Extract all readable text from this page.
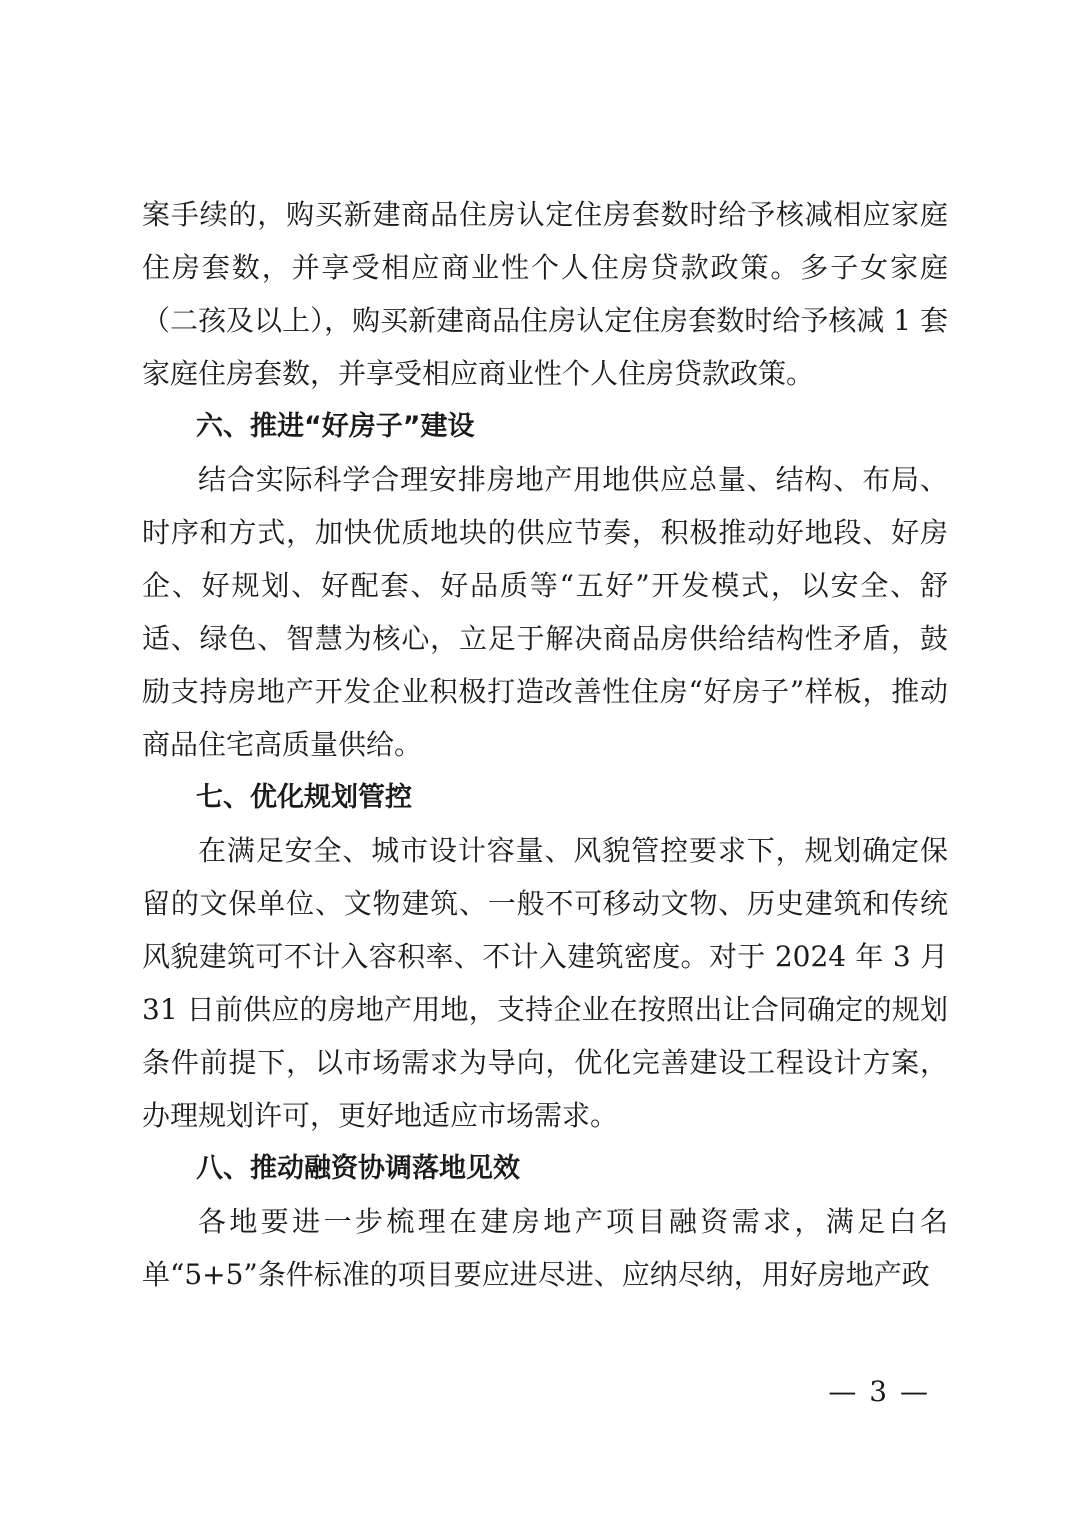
案手续的，购买新建商品住房认定住房套数时给予核减相应家庭住房套数，并享受相应商业性个人住房贷款政策。多子女家庭（二孩及以上），购买新建商品住房认定住房套数时给予核减 1 套家庭住房套数，并享受相应商业性个人住房贷款政策。

六、推进“好房子”建设

结合实际科学合理安排房地产用地供应总量、结构、布局、时序和方式，加快优质地块的供应节奏，积极推动好地段、好房企、好规划、好配套、好品质等“五好”开发模式，以安全、舒适、绿色、智慧为核心，立足于解决商品房供给结构性矛盾，鼓励支持房地产开发企业积极打造改善性住房“好房子”样板，推动商品住宅高质量供给。

七、优化规划管控

在满足安全、城市设计容量、风貌管控要求下，规划确定保留的文保单位、文物建筑、一般不可移动文物、历史建筑和传统风貌建筑可不计入容积率、不计入建筑密度。对于 2024 年 3 月 31 日前供应的房地产用地，支持企业在按照出让合同确定的规划条件前提下，以市场需求为导向，优化完善建设工程设计方案，办理规划许可，更好地适应市场需求。

八、推动融资协调落地见效

各地要进一步梳理在建房地产项目融资需求，满足白名单“5+5”条件标准的项目要应进尽进、应纳尽纳，用好房地产政

— 3 —
